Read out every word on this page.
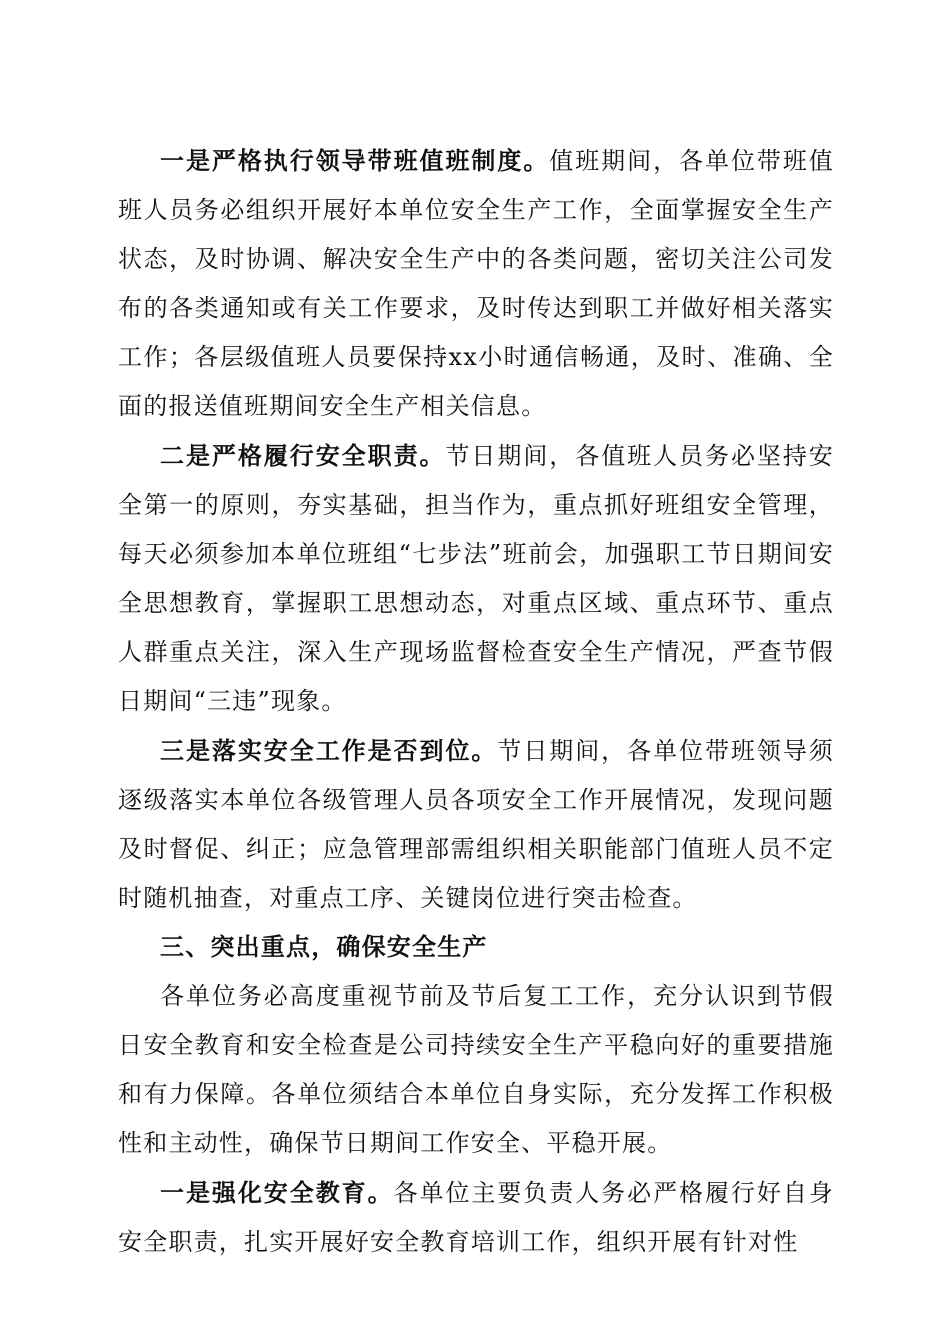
一是严格执行领导带班值班制度。值班期间，各单位带班值班人员务必组织开展好本单位安全生产工作，全面掌握安全生产状态，及时协调、解决安全生产中的各类问题，密切关注公司发布的各类通知或有关工作要求，及时传达到职工并做好相关落实工作；各层级值班人员要保持xx小时通信畅通，及时、准确、全面的报送值班期间安全生产相关信息。

二是严格履行安全职责。节日期间，各值班人员务必坚持安全第一的原则，夯实基础，担当作为，重点抓好班组安全管理，每天必须参加本单位班组“七步法”班前会，加强职工节日期间安全思想教育，掌握职工思想动态，对重点区域、重点环节、重点人群重点关注，深入生产现场监督检查安全生产情况，严查节假日期间“三违”现象。

三是落实安全工作是否到位。节日期间，各单位带班领导须逐级落实本单位各级管理人员各项安全工作开展情况，发现问题及时督促、纠正；应急管理部需组织相关职能部门值班人员不定时随机抽查，对重点工序、关键岗位进行突击检查。

三、突出重点，确保安全生产

各单位务必高度重视节前及节后复工工作，充分认识到节假日安全教育和安全检查是公司持续安全生产平稳向好的重要措施和有力保障。各单位须结合本单位自身实际，充分发挥工作积极性和主动性，确保节日期间工作安全、平稳开展。

一是强化安全教育。各单位主要负责人务必严格履行好自身安全职责，扎实开展好安全教育培训工作，组织开展有针对性
